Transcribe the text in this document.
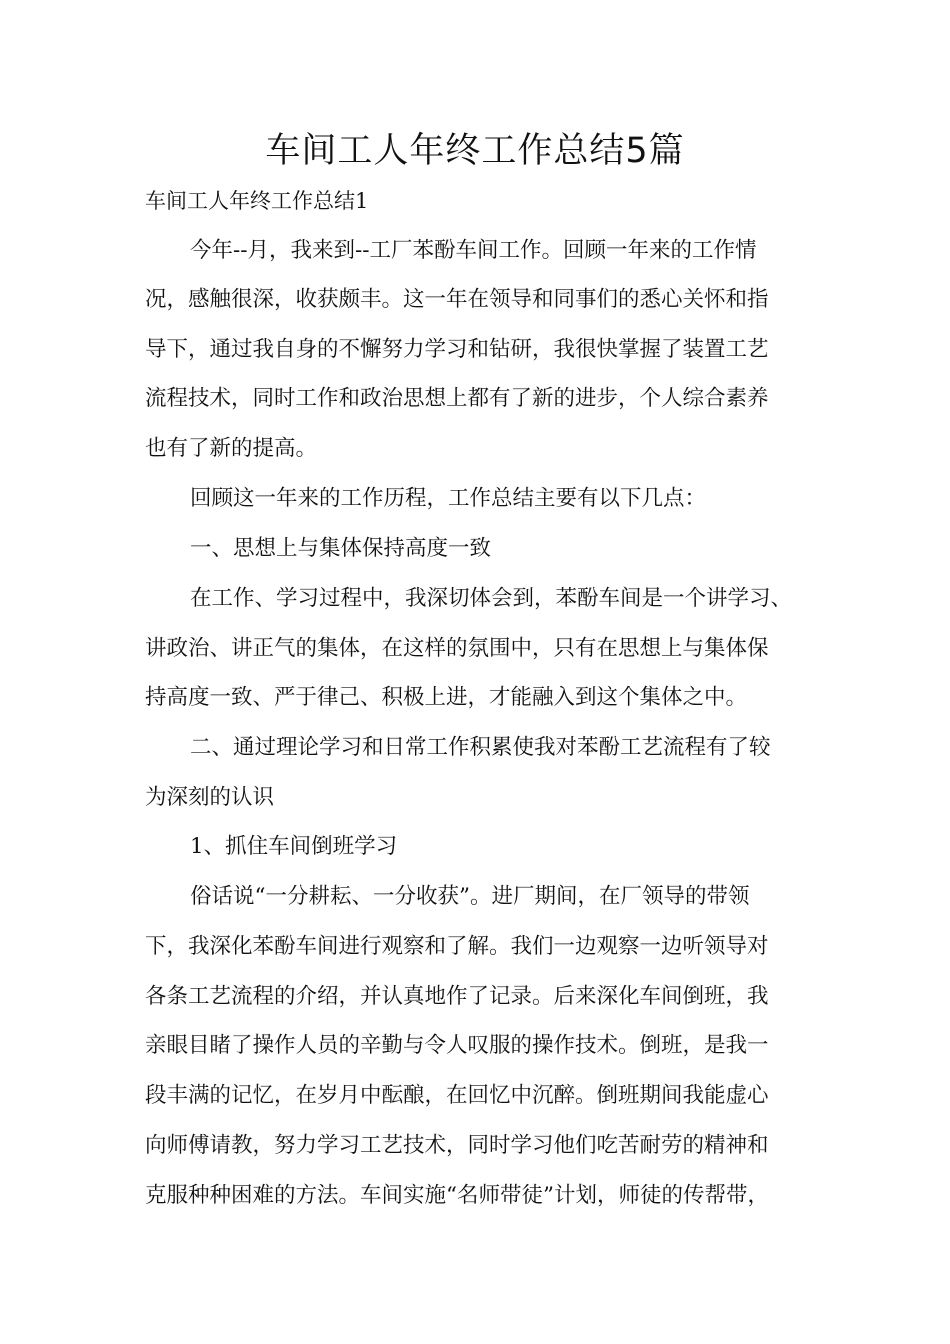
车间工人年终工作总结5篇

车间工人年终工作总结1

今年--月，我来到--工厂苯酚车间工作。回顾一年来的工作情

况，感触很深，收获颇丰。这一年在领导和同事们的悉心关怀和指

导下，通过我自身的不懈努力学习和钻研，我很快掌握了装置工艺

流程技术，同时工作和政治思想上都有了新的进步，个人综合素养

也有了新的提高。

回顾这一年来的工作历程，工作总结主要有以下几点：

一、思想上与集体保持高度一致

在工作、学习过程中，我深切体会到，苯酚车间是一个讲学习、

讲政治、讲正气的集体，在这样的氛围中，只有在思想上与集体保

持高度一致、严于律己、积极上进，才能融入到这个集体之中。

二、通过理论学习和日常工作积累使我对苯酚工艺流程有了较

为深刻的认识

1、抓住车间倒班学习

俗话说“一分耕耘、一分收获”。进厂期间，在厂领导的带领

下，我深化苯酚车间进行观察和了解。我们一边观察一边听领导对

各条工艺流程的介绍，并认真地作了记录。后来深化车间倒班，我

亲眼目睹了操作人员的辛勤与令人叹服的操作技术。倒班，是我一

段丰满的记忆，在岁月中酝酿，在回忆中沉醉。倒班期间我能虚心

向师傅请教，努力学习工艺技术，同时学习他们吃苦耐劳的精神和

克服种种困难的方法。车间实施“名师带徒”计划，师徒的传帮带，
